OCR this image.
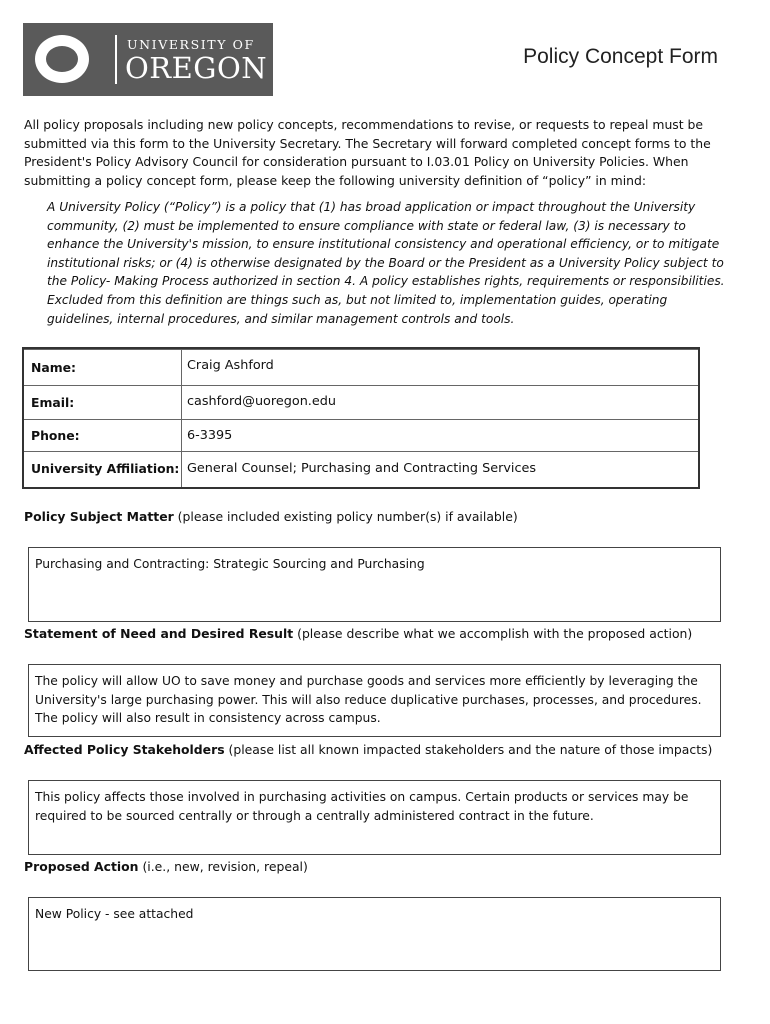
UNIVERSITY OF
OREGON	Policy Concept Form
All policy proposals including new policy concepts, recommendations to revise, or requests to repeal must be submitted via this form to the University Secretary. The Secretary will forward completed concept forms to the President's Policy Advisory Council for consideration pursuant to I.03.01 Policy on University Policies. When submitting a policy concept form, please keep the following university definition of “policy” in mind:
A University Policy (“Policy”) is a policy that (1) has broad application or impact throughout the University community, (2) must be implemented to ensure compliance with state or federal law, (3) is necessary to enhance the University's mission, to ensure institutional consistency and operational efficiency, or to mitigate institutional risks; or (4) is otherwise designated by the Board or the President as a University Policy subject to the Policy- Making Process authorized in section 4. A policy establishes rights, requirements or responsibilities. Excluded from this definition are things such as, but not limited to, implementation guides, operating guidelines, internal procedures, and similar management controls and tools.
Name:	Craig Ashford
Email:	cashford@uoregon.edu
Phone:	6-3395
University Affiliation: General Counsel; Purchasing and Contracting Services
Policy Subject Matter (please included existing policy number(s) if available)
Purchasing and Contracting: Strategic Sourcing and Purchasing
Statement of Need and Desired Result (please describe what we accomplish with the proposed action)
The policy will allow UO to save money and purchase goods and services more efficiently by leveraging the University's large purchasing power. This will also reduce duplicative purchases, processes, and procedures. The policy will also result in consistency across campus.
Affected Policy Stakeholders (please list all known impacted stakeholders and the nature of those impacts)
This policy affects those involved in purchasing activities on campus. Certain products or services may be required to be sourced centrally or through a centrally administered contract in the future.
Proposed Action (i.e., new, revision, repeal)
New Policy - see attached
